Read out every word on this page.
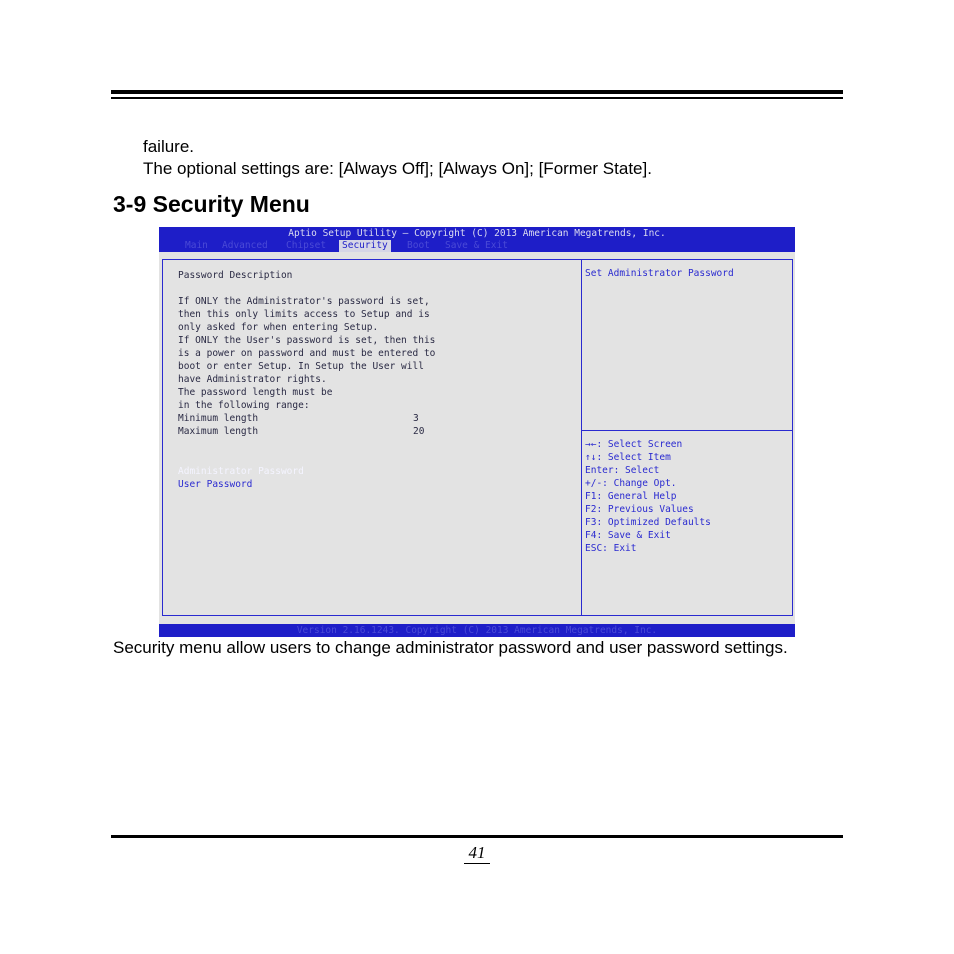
failure.
The optional settings are: [Always Off]; [Always On]; [Former State].
3-9 Security Menu
Aptio Setup Utility – Copyright (C) 2013 American Megatrends, Inc.
Main Advanced Chipset	Security	Boot Save & Exit
Password Description
If ONLY the Administrator's password is set,
then this only limits access to Setup and is
only asked for when entering Setup.
If ONLY the User's password is set, then this
is a power on password and must be entered to
boot or enter Setup. In Setup the User will
have Administrator rights.
The password length must be
in the following range:
Minimum length	3
Maximum length	20
Administrator Password
User Password
Set Administrator Password
→←: Select Screen
↑↓: Select Item
Enter: Select
+/-: Change Opt.
F1: General Help
F2: Previous Values
F3: Optimized Defaults
F4: Save & Exit
ESC: Exit
Version 2.16.1243. Copyright (C) 2013 American Megatrends, Inc.
Security menu allow users to change administrator password and user password settings.
41
